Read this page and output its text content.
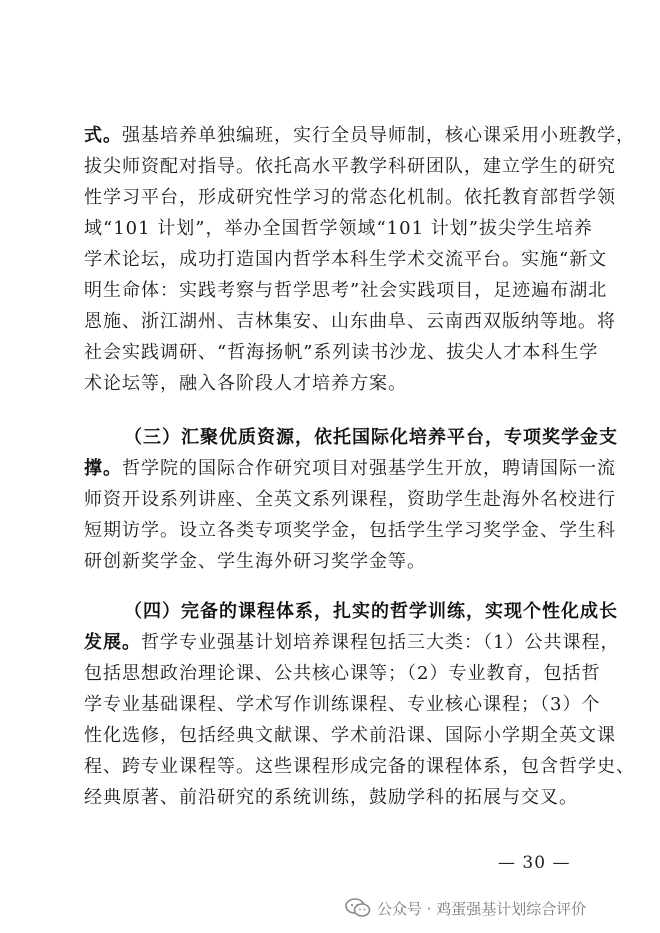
式。强基培养单独编班，实行全员导师制，核心课采用小班教学，
拔尖师资配对指导。依托高水平教学科研团队，建立学生的研究
性学习平台，形成研究性学习的常态化机制。依托教育部哲学领
域“101 计划”，举办全国哲学领域“101 计划”拔尖学生培养
学术论坛，成功打造国内哲学本科生学术交流平台。实施“新文
明生命体：实践考察与哲学思考”社会实践项目，足迹遍布湖北
恩施、浙江湖州、吉林集安、山东曲阜、云南西双版纳等地。将
社会实践调研、“哲海扬帆”系列读书沙龙、拔尖人才本科生学
术论坛等，融入各阶段人才培养方案。
（三）汇聚优质资源，依托国际化培养平台，专项奖学金支
撑。哲学院的国际合作研究项目对强基学生开放，聘请国际一流
师资开设系列讲座、全英文系列课程，资助学生赴海外名校进行
短期访学。设立各类专项奖学金，包括学生学习奖学金、学生科
研创新奖学金、学生海外研习奖学金等。
（四）完备的课程体系，扎实的哲学训练，实现个性化成长
发展。哲学专业强基计划培养课程包括三大类：（1）公共课程，
包括思想政治理论课、公共核心课等；（2）专业教育，包括哲
学专业基础课程、学术写作训练课程、专业核心课程；（3）个
性化选修，包括经典文献课、学术前沿课、国际小学期全英文课
程、跨专业课程等。这些课程形成完备的课程体系，包含哲学史、
经典原著、前沿研究的系统训练，鼓励学科的拓展与交叉。
— 30 —
公众号 · 鸡蛋强基计划综合评价
